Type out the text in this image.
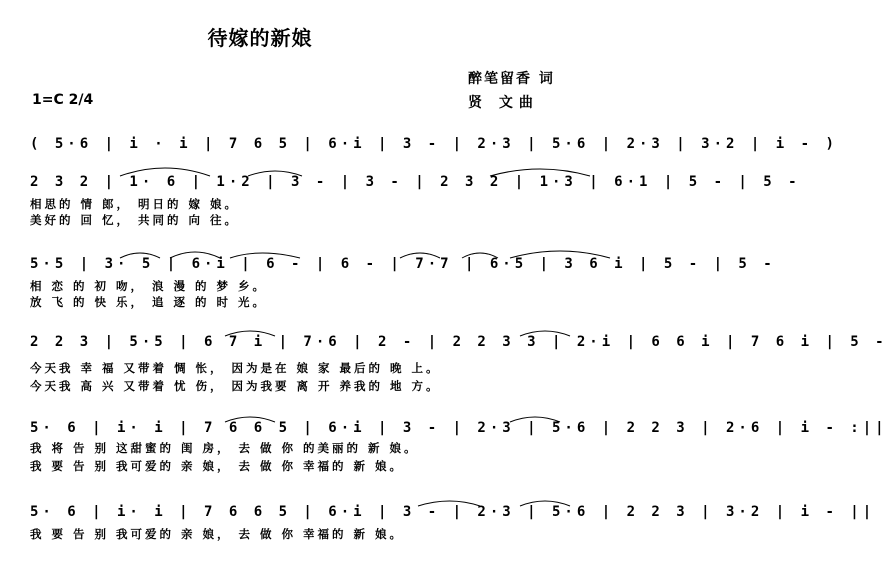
待嫁的新娘
醉笔留香 词
贤 文曲
1=C 2/4
( 5·6 | i · i | 7 6 5 | 6·i | 3 - | 2·3 | 5·6 | 2·3 | 3·2 | i - )
2 3 2 | 1· 6 | 1·2 | 3 - | 3 - | 2 3 2 | 1·3 | 6·1 | 5 - | 5 -
相思的 情 郎， 明日的 嫁 娘。
美好的 回 忆， 共同的 向 往。
5·5 | 3· 5 | 6·i | 6 - | 6 - | 7·7 | 6·5 | 3 6 i | 5 - | 5 -
相 恋 的 初 吻， 浪 漫 的 梦 乡。
放 飞 的 快 乐， 追 逐 的 时 光。
2 2 3 | 5·5 | 6 7 i | 7·6 | 2 - | 2 2 3 3 | 2·i | 6 6 i | 7 6 i | 5 -
今天我 幸 福 又带着 惆 怅， 因为是在 娘 家 最后的 晚 上。
今天我 高 兴 又带着 忧 伤， 因为我要 离 开 养我的 地 方。
5· 6 | i· i | 7 6 6 5 | 6·i | 3 - | 2·3 | 5·6 | 2 2 3 | 2·6 | i - :||
我 将 告 别 这甜蜜的 闺 房， 去 做 你 的美丽的 新 娘。
我 要 告 别 我可爱的 亲 娘， 去 做 你 幸福的 新 娘。
5· 6 | i· i | 7 6 6 5 | 6·i | 3 - | 2·3 | 5·6 | 2 2 3 | 3·2 | i - ||
我 要 告 别 我可爱的 亲 娘， 去 做 你 幸福的 新 娘。
